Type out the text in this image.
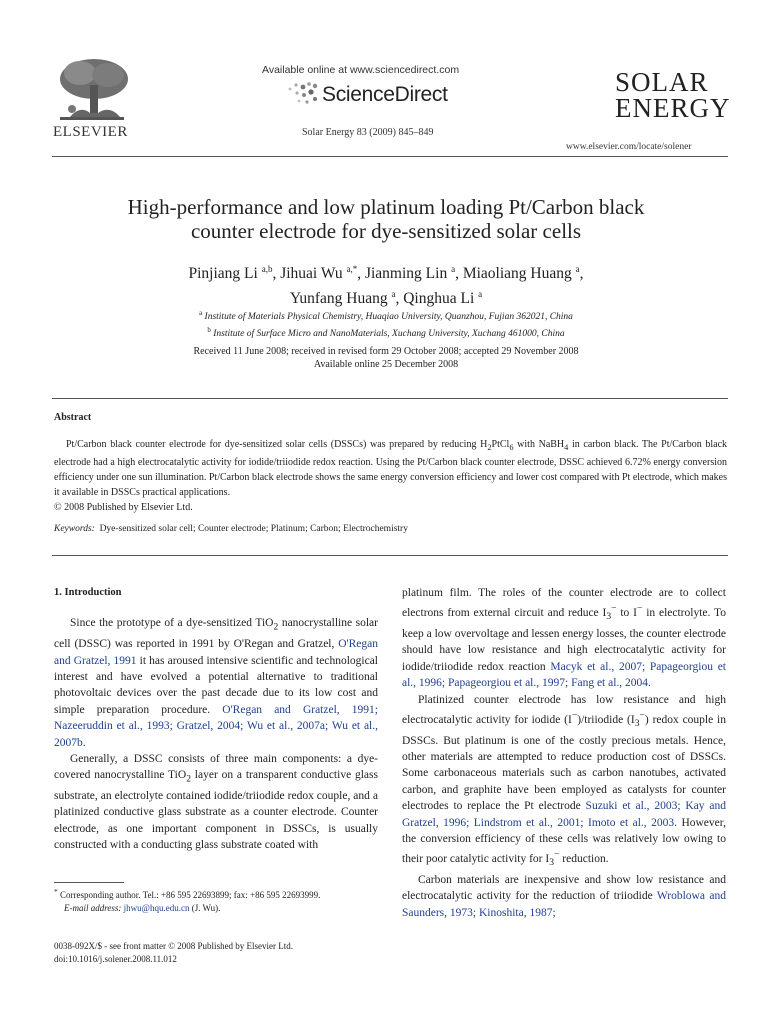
ELSEVIER
Available online at www.sciencedirect.com
ScienceDirect
Solar Energy 83 (2009) 845–849
SOLAR
ENERGY
www.elsevier.com/locate/solener
High-performance and low platinum loading Pt/Carbon black
counter electrode for dye-sensitized solar cells
Pinjiang Li $^{a,b}$, Jihuai Wu $^{a,*}$, Jianming Lin $^a$, Miaoliang Huang $^a$,
Yunfang Huang $^a$, Qinghua Li $^a$
$^a$ Institute of Materials Physical Chemistry, Huaqiao University, Quanzhou, Fujian 362021, China
$^b$ Institute of Surface Micro and NanoMaterials, Xuchang University, Xuchang 461000, China
Received 11 June 2008; received in revised form 29 October 2008; accepted 29 November 2008
Available online 25 December 2008
Abstract

Pt/Carbon black counter electrode for dye-sensitized solar cells (DSSCs) was prepared by reducing $H_2PtCl_6$ with NaBH$_4$ in carbon black. The Pt/Carbon black electrode had a high electrocatalytic activity for iodide/triiodide redox reaction. Using the Pt/Carbon black counter electrode, DSSC achieved 6.72% energy conversion efficiency under one sun illumination. Pt/Carbon black electrode shows the same energy conversion efficiency and lower cost compared with Pt electrode, which makes it available in DSSCs practical applications.

© 2008 Published by Elsevier Ltd.

Keywords: Dye-sensitized solar cell; Counter electrode; Platinum; Carbon; Electrochemistry

1. Introduction

Since the prototype of a dye-sensitized TiO$_2$ nanocrystalline solar cell (DSSC) was reported in 1991 by O'Regan and Gratzel, O'Regan and Gratzel, 1991 it has aroused intensive scientific and technological interest and have evolved a potential alternative to traditional photovoltaic devices over the past decade due to its low cost and simple preparation procedure. O'Regan and Gratzel, 1991; Nazeeruddin et al., 1993; Gratzel, 2004; Wu et al., 2007a; Wu et al., 2007b.

Generally, a DSSC consists of three main components: a dye-covered nanocrystalline TiO$_2$ layer on a transparent conductive glass substrate, an electrolyte contained iodide/triiodide redox couple, and a platinized conductive glass substrate as a counter electrode. Counter electrode, as one important component in DSSCs, is usually constructed with a conducting glass substrate coated with

* Corresponding author. Tel.: +86 595 22693899; fax: +86 595 22693999.

E-mail address: jhwu@hqu.edu.cn (J. Wu).

0038-092X/$ - see front matter © 2008 Published by Elsevier Ltd.

doi:10.1016/j.solener.2008.11.012

platinum film. The roles of the counter electrode are to collect electrons from external circuit and reduce $I_3^-$ to I− in electrolyte. To keep a low overvoltage and lessen energy losses, the counter electrode should have low resistance and high electrocatalytic activity for iodide/triiodide redox reaction Macyk et al., 2007; Papageorgiou et al., 1996; Papageorgiou et al., 1997; Fang et al., 2004.

Platinized counter electrode has low resistance and high electrocatalytic activity for iodide (I−)/triiodide $(I_3^-)$ redox couple in DSSCs. But platinum is one of the costly precious metals. Hence, other materials are attempted to reduce production cost of DSSCs. Some carbonaceous materials such as carbon nanotubes, activated carbon, and graphite have been employed as catalysts for counter electrodes to replace the Pt electrode Suzuki et al., 2003; Kay and Gratzel, 1996; Lindstrom et al., 2001; Imoto et al., 2003. However, the conversion efficiency of these cells was relatively low owing to their poor catalytic activity for $I_3^-$ reduction.

Carbon materials are inexpensive and show low resistance and electrocatalytic activity for the reduction of triiodide Wroblowa and Saunders, 1973; Kinoshita, 1987;
